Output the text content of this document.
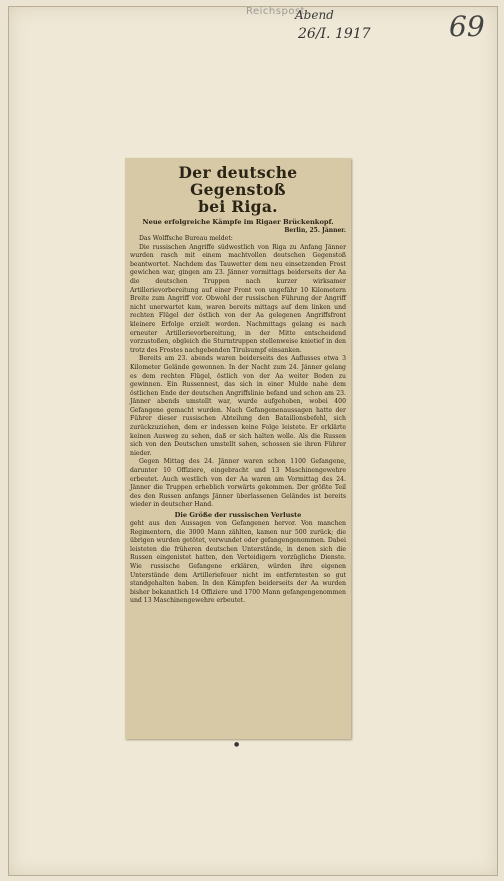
Reichspost
Abend
26/I. 1917	69
Der deutsche Gegenstoß
bei Riga.
Neue erfolgreiche Kämpfe im Rigaer Brückenkopf.
Berlin, 25. Jänner.

Das Wolffsche Bureau meldet:

Die russischen Angriffe südwestlich von Riga zu Anfang Jänner wurden rasch mit einem machtvollen deutschen Gegenstoß beantwortet. Nachdem das Tauwetter dem neu einsetzenden Frost gewichen war, gingen am 23. Jänner vormittags beiderseits der Aa die deutschen Truppen nach kurzer wirksamer Artillerievorbereitung auf einer Front von ungefähr 10 Kilometern Breite zum Angriff vor. Obwohl der russischen Führung der Angriff nicht unerwartet kam, waren bereits mittags auf dem linken und rechten Flügel der östlich von der Aa gelegenen Angriffsfront kleinere Erfolge erzielt worden. Nachmittags gelang es nach erneuter Artillerievorbereitung, in der Mitte entscheidend vorzustoßen, obgleich die Sturmtruppen stellenweise knietief in den trotz des Frostes nachgebenden Tirulsumpf einsanken.

Bereits am 23. abends waren beiderseits des Aaflusses etwa 3 Kilometer Gelände gewonnen. In der Nacht zum 24. Jänner gelang es dem rechten Flügel, östlich von der Aa weiter Boden zu gewinnen. Ein Russennest, das sich in einer Mulde nahe dem östlichen Ende der deutschen Angriffslinie befand und schon am 23. Jänner abends umstellt war, wurde aufgehoben, wobei 400 Gefangene gemacht wurden. Nach Gefangenenaussagen hatte der Führer dieser russischen Abteilung den Bataillonsbefehl, sich zurückzuziehen, dem er indessen keine Folge leistete. Er erklärte keinen Ausweg zu sehen, daß er sich halten wolle. Als die Russen sich von den Deutschen umstellt sahen, schossen sie ihren Führer nieder.

Gegen Mittag des 24. Jänner waren schon 1100 Gefangene, darunter 10 Offiziere, eingebracht und 13 Maschinengewehre erbeutet. Auch westlich von der Aa waren am Vormittag des 24. Jänner die Truppen erheblich vorwärts gekommen. Der größte Teil des den Russen anfangs Jänner überlassenen Geländes ist bereits wieder in deutscher Hand.

Die Größe der russischen Verluste

geht aus den Aussagen von Gefangenen hervor. Von manchen Regimentern, die 3000 Mann zählten, kamen nur 500 zurück; die übrigen wurden getötet, verwundet oder gefangengenommen. Dabei leisteten die früheren deutschen Unterstände, in denen sich die Russen eingenistet hatten, den Verteidigern vorzügliche Dienste. Wie russische Gefangene erklären, würden ihre eigenen Unterstände dem Artilleriefeuer nicht im entferntesten so gut standgehalten haben. In den Kämpfen beiderseits der Aa wurden bisher bekanntlich 14 Offiziere und 1700 Mann gefangengenommen und 13 Maschinengewehre erbeutet.

●
